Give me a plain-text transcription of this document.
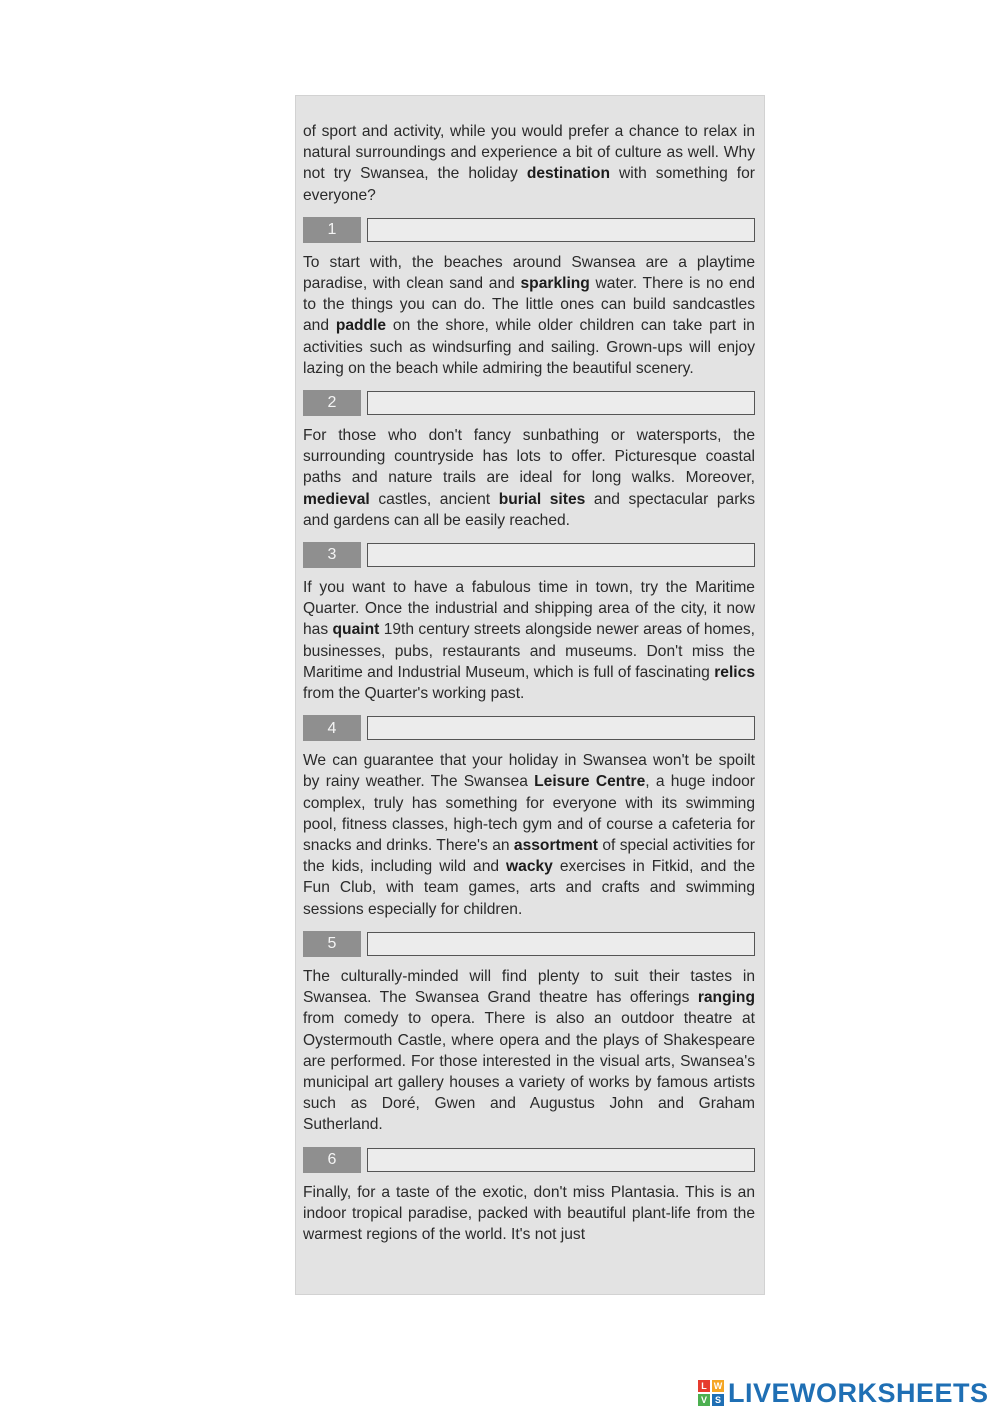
of sport and activity, while you would prefer a chance to relax in natural surroundings and experience a bit of culture as well. Why not try Swansea, the holiday destination with something for everyone?

1

To start with, the beaches around Swansea are a playtime paradise, with clean sand and sparkling water. There is no end to the things you can do. The little ones can build sandcastles and paddle on the shore, while older children can take part in activities such as windsurfing and sailing. Grown-ups will enjoy lazing on the beach while admiring the beautiful scenery.

2

For those who don't fancy sunbathing or watersports, the surrounding countryside has lots to offer. Picturesque coastal paths and nature trails are ideal for long walks. Moreover, medieval castles, ancient burial sites and spectacular parks and gardens can all be easily reached.

3

If you want to have a fabulous time in town, try the Maritime Quarter. Once the industrial and shipping area of the city, it now has quaint 19th century streets alongside newer areas of homes, businesses, pubs, restaurants and museums. Don't miss the Maritime and Industrial Museum, which is full of fascinating relics from the Quarter's working past.

4

We can guarantee that your holiday in Swansea won't be spoilt by rainy weather. The Swansea Leisure Centre, a huge indoor complex, truly has something for everyone with its swimming pool, fitness classes, high-tech gym and of course a cafeteria for snacks and drinks. There's an assortment of special activities for the kids, including wild and wacky exercises in Fitkid, and the Fun Club, with team games, arts and crafts and swimming sessions especially for children.

5

The culturally-minded will find plenty to suit their tastes in Swansea. The Swansea Grand theatre has offerings ranging from comedy to opera. There is also an outdoor theatre at Oystermouth Castle, where opera and the plays of Shakespeare are performed. For those interested in the visual arts, Swansea's municipal art gallery houses a variety of works by famous artists such as Doré, Gwen and Augustus John and Graham Sutherland.

6

Finally, for a taste of the exotic, don't miss Plantasia. This is an indoor tropical paradise, packed with beautiful plant-life from the warmest regions of the world. It's not just

L W
V S LIVEWORKSHEETS
